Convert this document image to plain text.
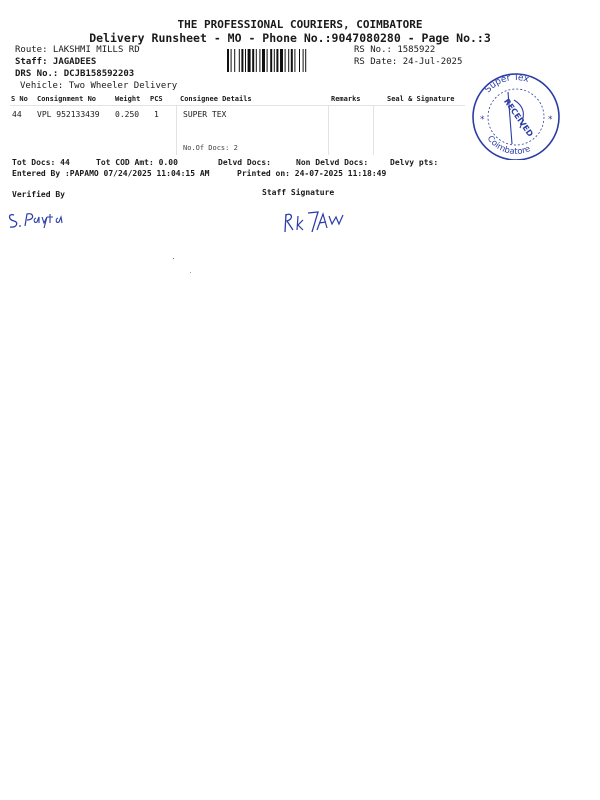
THE PROFESSIONAL COURIERS, COIMBATORE
Delivery Runsheet - MO - Phone No.:9047080280 - Page No.:3
Route: LAKSHMI MILLS RD
Staff: JAGADEES
DRS No.: DCJB158592203
Vehicle: Two Wheeler Delivery
RS No.: 1585922
RS Date: 24-Jul-2025
S No Consignment No	Weight PCS Consignee Details	Remarks	Seal & Signature
44 VPL 952133439 0.250 1	SUPER TEX
No.Of Docs: 2
Tot Docs: 44	Tot COD Amt: 0.00	Delvd Docs:	Non Delvd Docs:	Delvy pts:
Entered By :PAPAMO 07/24/2025 11:04:15 AM	Printed on: 24-07-2025 11:18:49
Verified By	Staff Signature
Super Tex
Coimbatore
RECEIVED
*	*
